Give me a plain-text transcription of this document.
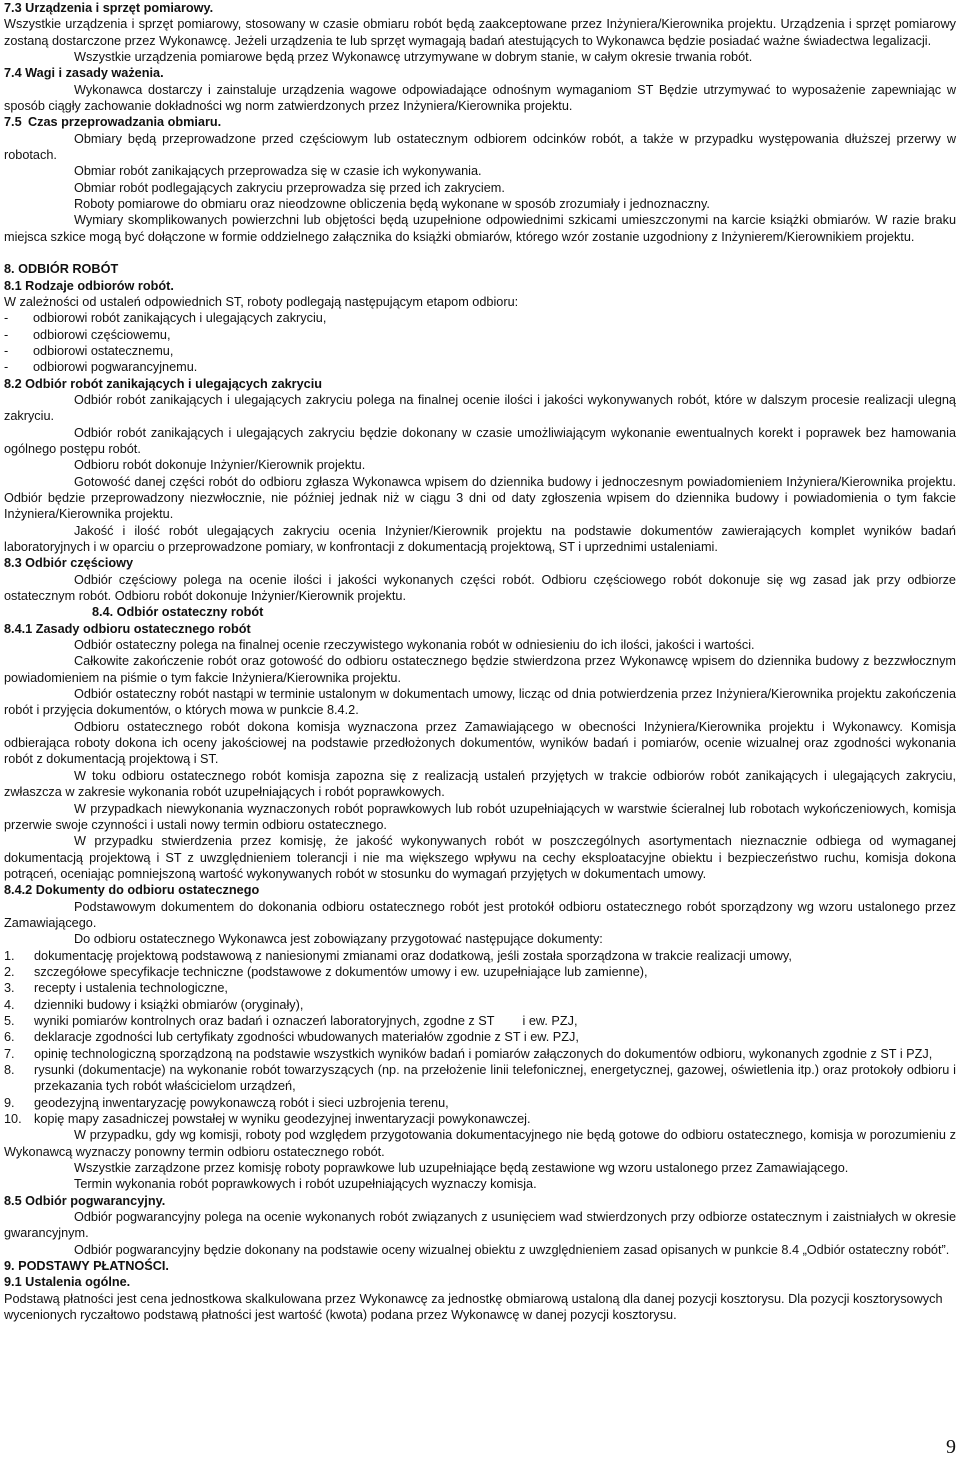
7.3 Urządzenia i sprzęt pomiarowy.

Wszystkie urządzenia i sprzęt pomiarowy, stosowany w czasie obmiaru robót będą zaakceptowane przez Inżyniera/Kierownika projektu. Urządzenia i sprzęt pomiarowy zostaną dostarczone przez Wykonawcę. Jeżeli urządzenia te lub sprzęt wymagają badań atestujących to Wykonawca będzie posiadać ważne świadectwa legalizacji.

Wszystkie urządzenia pomiarowe będą przez Wykonawcę utrzymywane w dobrym stanie, w całym okresie trwania robót.

7.4 Wagi i zasady ważenia.

Wykonawca dostarczy i zainstaluje urządzenia wagowe odpowiadające odnośnym wymaganiom ST Będzie utrzymywać to wyposażenie zapewniając w sposób ciągły zachowanie dokładności wg norm zatwierdzonych przez Inżyniera/Kierownika projektu.

7.5 Czas przeprowadzania obmiaru.

Obmiary będą przeprowadzone przed częściowym lub ostatecznym odbiorem odcinków robót, a także w przypadku występowania dłuższej przerwy w robotach.

Obmiar robót zanikających przeprowadza się w czasie ich wykonywania.

Obmiar robót podlegających zakryciu przeprowadza się przed ich zakryciem.

Roboty pomiarowe do obmiaru oraz nieodzowne obliczenia będą wykonane w sposób zrozumiały i jednoznaczny.

Wymiary skomplikowanych powierzchni lub objętości będą uzupełnione odpowiednimi szkicami umieszczonymi na karcie książki obmiarów. W razie braku miejsca szkice mogą być dołączone w formie oddzielnego załącznika do książki obmiarów, którego wzór zostanie uzgodniony z Inżynierem/Kierownikiem projektu.

8. ODBIÓR ROBÓT

8.1 Rodzaje odbiorów robót.

W zależności od ustaleń odpowiednich ST, roboty podlegają następującym etapom odbioru:

-	odbiorowi robót zanikających i ulegających zakryciu,
-	odbiorowi częściowemu,
-	odbiorowi ostatecznemu,
-	odbiorowi pogwarancyjnemu.

8.2 Odbiór robót zanikających i ulegających zakryciu

Odbiór robót zanikających i ulegających zakryciu polega na finalnej ocenie ilości i jakości wykonywanych robót, które w dalszym procesie realizacji ulegną zakryciu.

Odbiór robót zanikających i ulegających zakryciu będzie dokonany w czasie umożliwiającym wykonanie ewentualnych korekt i poprawek bez hamowania ogólnego postępu robót.

Odbioru robót dokonuje Inżynier/Kierownik projektu.

Gotowość danej części robót do odbioru zgłasza Wykonawca wpisem do dziennika budowy i jednoczesnym powiadomieniem Inżyniera/Kierownika projektu. Odbiór będzie przeprowadzony niezwłocznie, nie później jednak niż w ciągu 3 dni od daty zgłoszenia wpisem do dziennika budowy i powiadomienia o tym fakcie Inżyniera/Kierownika projektu.

Jakość i ilość robót ulegających zakryciu ocenia Inżynier/Kierownik projektu na podstawie dokumentów zawierających komplet wyników badań laboratoryjnych i w oparciu o przeprowadzone pomiary, w konfrontacji z dokumentacją projektową, ST i uprzednimi ustaleniami.

8.3 Odbiór częściowy

Odbiór częściowy polega na ocenie ilości i jakości wykonanych części robót. Odbioru częściowego robót dokonuje się wg zasad jak przy odbiorze ostatecznym robót. Odbioru robót dokonuje Inżynier/Kierownik projektu.

8.4. Odbiór ostateczny robót

8.4.1 Zasady odbioru ostatecznego robót

Odbiór ostateczny polega na finalnej ocenie rzeczywistego wykonania robót w odniesieniu do ich ilości, jakości i wartości.

Całkowite zakończenie robót oraz gotowość do odbioru ostatecznego będzie stwierdzona przez Wykonawcę wpisem do dziennika budowy z bezzwłocznym powiadomieniem na piśmie o tym fakcie Inżyniera/Kierownika projektu.

Odbiór ostateczny robót nastąpi w terminie ustalonym w dokumentach umowy, licząc od dnia potwierdzenia przez Inżyniera/Kierownika projektu zakończenia robót i przyjęcia dokumentów, o których mowa w punkcie 8.4.2.

Odbioru ostatecznego robót dokona komisja wyznaczona przez Zamawiającego w obecności Inżyniera/Kierownika projektu i Wykonawcy. Komisja odbierająca roboty dokona ich oceny jakościowej na podstawie przedłożonych dokumentów, wyników badań i pomiarów, ocenie wizualnej oraz zgodności wykonania robót z dokumentacją projektową i ST.

W toku odbioru ostatecznego robót komisja zapozna się z realizacją ustaleń przyjętych w trakcie odbiorów robót zanikających i ulegających zakryciu, zwłaszcza w zakresie wykonania robót uzupełniających i robót poprawkowych.

W przypadkach niewykonania wyznaczonych robót poprawkowych lub robót uzupełniających w warstwie ścieralnej lub robotach wykończeniowych, komisja przerwie swoje czynności i ustali nowy termin odbioru ostatecznego.

W przypadku stwierdzenia przez komisję, że jakość wykonywanych robót w poszczególnych asortymentach nieznacznie odbiega od wymaganej dokumentacją projektową i ST z uwzględnieniem tolerancji i nie ma większego wpływu na cechy eksploatacyjne obiektu i bezpieczeństwo ruchu, komisja dokona potrąceń, oceniając pomniejszoną wartość wykonywanych robót w stosunku do wymagań przyjętych w dokumentach umowy.

8.4.2 Dokumenty do odbioru ostatecznego

Podstawowym dokumentem do dokonania odbioru ostatecznego robót jest protokół odbioru ostatecznego robót sporządzony wg wzoru ustalonego przez Zamawiającego.

Do odbioru ostatecznego Wykonawca jest zobowiązany przygotować następujące dokumenty:

1.	dokumentację projektową podstawową z naniesionymi zmianami oraz dodatkową, jeśli została sporządzona w trakcie realizacji umowy,
2.	szczegółowe specyfikacje techniczne (podstawowe z dokumentów umowy i ew. uzupełniające lub zamienne),
3.	recepty i ustalenia technologiczne,
4.	dzienniki budowy i książki obmiarów (oryginały),
5.	wyniki pomiarów kontrolnych oraz badań i oznaczeń laboratoryjnych, zgodne z ST        i ew. PZJ,
6.	deklaracje zgodności lub certyfikaty zgodności wbudowanych materiałów zgodnie z ST i ew. PZJ,
7.	opinię technologiczną sporządzoną na podstawie wszystkich wyników badań i pomiarów załączonych do dokumentów odbioru, wykonanych zgodnie z ST i PZJ,
8.	rysunki (dokumentacje) na wykonanie robót towarzyszących (np. na przełożenie linii telefonicznej, energetycznej, gazowej, oświetlenia itp.) oraz protokoły odbioru i przekazania tych robót właścicielom urządzeń,
9.	geodezyjną inwentaryzację powykonawczą robót i sieci uzbrojenia terenu,
10. kopię mapy zasadniczej powstałej w wyniku geodezyjnej inwentaryzacji powykonawczej.

W przypadku, gdy wg komisji, roboty pod względem przygotowania dokumentacyjnego nie będą gotowe do odbioru ostatecznego, komisja w porozumieniu z Wykonawcą wyznaczy ponowny termin odbioru ostatecznego robót.

Wszystkie zarządzone przez komisję roboty poprawkowe lub uzupełniające będą zestawione wg wzoru ustalonego przez Zamawiającego.

Termin wykonania robót poprawkowych i robót uzupełniających wyznaczy komisja.

8.5 Odbiór pogwarancyjny.

Odbiór pogwarancyjny polega na ocenie wykonanych robót związanych z usunięciem wad stwierdzonych przy odbiorze ostatecznym i zaistniałych w okresie gwarancyjnym.

Odbiór pogwarancyjny będzie dokonany na podstawie oceny wizualnej obiektu z uwzględnieniem zasad opisanych w punkcie 8.4 „Odbiór ostateczny robót”.

9. PODSTAWY PŁATNOŚCI.

9.1 Ustalenia ogólne.

Podstawą płatności jest cena jednostkowa skalkulowana przez Wykonawcę za jednostkę obmiarową ustaloną dla danej pozycji kosztorysu. Dla pozycji kosztorysowych wycenionych ryczałtowo podstawą płatności jest wartość (kwota) podana przez Wykonawcę w danej pozycji kosztorysu.

9
